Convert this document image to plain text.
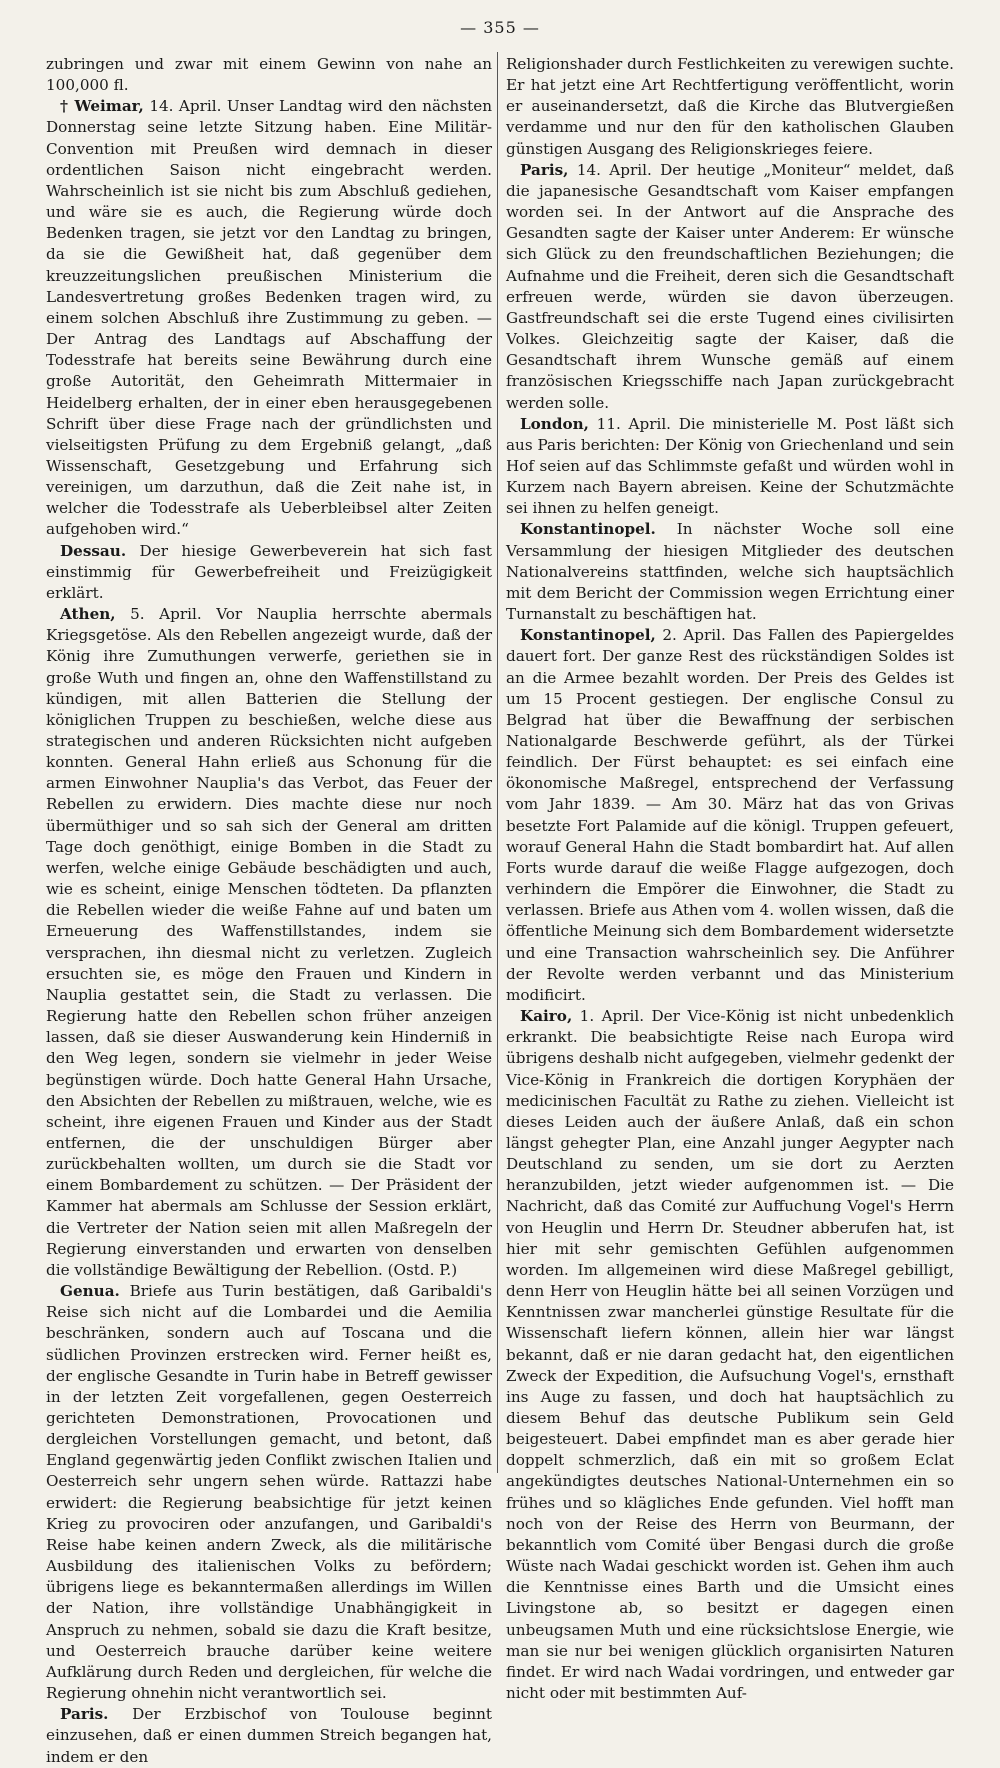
— 355 —

zubringen und zwar mit einem Gewinn von nahe an 100,000 fl.

† Weimar, 14. April. Unser Landtag wird den nächsten Donnerstag seine letzte Sitzung haben. Eine Militär-Convention mit Preußen wird demnach in dieser ordentlichen Saison nicht eingebracht werden. Wahrscheinlich ist sie nicht bis zum Abschluß gediehen, und wäre sie es auch, die Regierung würde doch Bedenken tragen, sie jetzt vor den Landtag zu bringen, da sie die Gewißheit hat, daß gegenüber dem kreuzzeitungslichen preußischen Ministerium die Landesvertretung großes Bedenken tragen wird, zu einem solchen Abschluß ihre Zustimmung zu geben. — Der Antrag des Landtags auf Abschaffung der Todesstrafe hat bereits seine Bewährung durch eine große Autorität, den Geheimrath Mittermaier in Heidelberg erhalten, der in einer eben herausgegebenen Schrift über diese Frage nach der gründlichsten und vielseitigsten Prüfung zu dem Ergebniß gelangt, „daß Wissenschaft, Gesetzgebung und Erfahrung sich vereinigen, um darzuthun, daß die Zeit nahe ist, in welcher die Todesstrafe als Ueberbleibsel alter Zeiten aufgehoben wird.“

Dessau. Der hiesige Gewerbeverein hat sich fast einstimmig für Gewerbefreiheit und Freizügigkeit erklärt.

Athen, 5. April. Vor Nauplia herrschte abermals Kriegsgetöse. Als den Rebellen angezeigt wurde, daß der König ihre Zumuthungen verwerfe, geriethen sie in große Wuth und fingen an, ohne den Waffenstillstand zu kündigen, mit allen Batterien die Stellung der königlichen Truppen zu beschießen, welche diese aus strategischen und anderen Rücksichten nicht aufgeben konnten. General Hahn erließ aus Schonung für die armen Einwohner Nauplia's das Verbot, das Feuer der Rebellen zu erwidern. Dies machte diese nur noch übermüthiger und so sah sich der General am dritten Tage doch genöthigt, einige Bomben in die Stadt zu werfen, welche einige Gebäude beschädigten und auch, wie es scheint, einige Menschen tödteten. Da pflanzten die Rebellen wieder die weiße Fahne auf und baten um Erneuerung des Waffenstillstandes, indem sie versprachen, ihn diesmal nicht zu verletzen. Zugleich ersuchten sie, es möge den Frauen und Kindern in Nauplia gestattet sein, die Stadt zu verlassen. Die Regierung hatte den Rebellen schon früher anzeigen lassen, daß sie dieser Auswanderung kein Hinderniß in den Weg legen, sondern sie vielmehr in jeder Weise begünstigen würde. Doch hatte General Hahn Ursache, den Absichten der Rebellen zu mißtrauen, welche, wie es scheint, ihre eigenen Frauen und Kinder aus der Stadt entfernen, die der unschuldigen Bürger aber zurückbehalten wollten, um durch sie die Stadt vor einem Bombardement zu schützen. — Der Präsident der Kammer hat abermals am Schlusse der Session erklärt, die Vertreter der Nation seien mit allen Maßregeln der Regierung einverstanden und erwarten von denselben die vollständige Bewältigung der Rebellion. (Ostd. P.)

Genua. Briefe aus Turin bestätigen, daß Garibaldi's Reise sich nicht auf die Lombardei und die Aemilia beschränken, sondern auch auf Toscana und die südlichen Provinzen erstrecken wird. Ferner heißt es, der englische Gesandte in Turin habe in Betreff gewisser in der letzten Zeit vorgefallenen, gegen Oesterreich gerichteten Demonstrationen, Provocationen und dergleichen Vorstellungen gemacht, und betont, daß England gegenwärtig jeden Conflikt zwischen Italien und Oesterreich sehr ungern sehen würde. Rattazzi habe erwidert: die Regierung beabsichtige für jetzt keinen Krieg zu provociren oder anzufangen, und Garibaldi's Reise habe keinen andern Zweck, als die militärische Ausbildung des italienischen Volks zu befördern; übrigens liege es bekanntermaßen allerdings im Willen der Nation, ihre vollständige Unabhängigkeit in Anspruch zu nehmen, sobald sie dazu die Kraft besitze, und Oesterreich brauche darüber keine weitere Aufklärung durch Reden und dergleichen, für welche die Regierung ohnehin nicht verantwortlich sei.

Paris. Der Erzbischof von Toulouse beginnt einzusehen, daß er einen dummen Streich begangen hat, indem er den

Religionshader durch Festlichkeiten zu verewigen suchte. Er hat jetzt eine Art Rechtfertigung veröffentlicht, worin er auseinandersetzt, daß die Kirche das Blutvergießen verdamme und nur den für den katholischen Glauben günstigen Ausgang des Religionskrieges feiere.

Paris, 14. April. Der heutige „Moniteur“ meldet, daß die japanesische Gesandtschaft vom Kaiser empfangen worden sei. In der Antwort auf die Ansprache des Gesandten sagte der Kaiser unter Anderem: Er wünsche sich Glück zu den freundschaftlichen Beziehungen; die Aufnahme und die Freiheit, deren sich die Gesandtschaft erfreuen werde, würden sie davon überzeugen. Gastfreundschaft sei die erste Tugend eines civilisirten Volkes. Gleichzeitig sagte der Kaiser, daß die Gesandtschaft ihrem Wunsche gemäß auf einem französischen Kriegsschiffe nach Japan zurückgebracht werden solle.

London, 11. April. Die ministerielle M. Post läßt sich aus Paris berichten: Der König von Griechenland und sein Hof seien auf das Schlimmste gefaßt und würden wohl in Kurzem nach Bayern abreisen. Keine der Schutzmächte sei ihnen zu helfen geneigt.

Konstantinopel. In nächster Woche soll eine Versammlung der hiesigen Mitglieder des deutschen Nationalvereins stattfinden, welche sich hauptsächlich mit dem Bericht der Commission wegen Errichtung einer Turnanstalt zu beschäftigen hat.

Konstantinopel, 2. April. Das Fallen des Papiergeldes dauert fort. Der ganze Rest des rückständigen Soldes ist an die Armee bezahlt worden. Der Preis des Geldes ist um 15 Procent gestiegen. Der englische Consul zu Belgrad hat über die Bewaffnung der serbischen Nationalgarde Beschwerde geführt, als der Türkei feindlich. Der Fürst behauptet: es sei einfach eine ökonomische Maßregel, entsprechend der Verfassung vom Jahr 1839. — Am 30. März hat das von Grivas besetzte Fort Palamide auf die königl. Truppen gefeuert, worauf General Hahn die Stadt bombardirt hat. Auf allen Forts wurde darauf die weiße Flagge aufgezogen, doch verhindern die Empörer die Einwohner, die Stadt zu verlassen. Briefe aus Athen vom 4. wollen wissen, daß die öffentliche Meinung sich dem Bombardement widersetzte und eine Transaction wahrscheinlich sey. Die Anführer der Revolte werden verbannt und das Ministerium modificirt.

Kairo, 1. April. Der Vice-König ist nicht unbedenklich erkrankt. Die beabsichtigte Reise nach Europa wird übrigens deshalb nicht aufgegeben, vielmehr gedenkt der Vice-König in Frankreich die dortigen Koryphäen der medicinischen Facultät zu Rathe zu ziehen. Vielleicht ist dieses Leiden auch der äußere Anlaß, daß ein schon längst gehegter Plan, eine Anzahl junger Aegypter nach Deutschland zu senden, um sie dort zu Aerzten heranzubilden, jetzt wieder aufgenommen ist. — Die Nachricht, daß das Comité zur Auffuchung Vogel's Herrn von Heuglin und Herrn Dr. Steudner abberufen hat, ist hier mit sehr gemischten Gefühlen aufgenommen worden. Im allgemeinen wird diese Maßregel gebilligt, denn Herr von Heuglin hätte bei all seinen Vorzügen und Kenntnissen zwar mancherlei günstige Resultate für die Wissenschaft liefern können, allein hier war längst bekannt, daß er nie daran gedacht hat, den eigentlichen Zweck der Expedition, die Aufsuchung Vogel's, ernsthaft ins Auge zu fassen, und doch hat hauptsächlich zu diesem Behuf das deutsche Publikum sein Geld beigesteuert. Dabei empfindet man es aber gerade hier doppelt schmerzlich, daß ein mit so großem Eclat angekündigtes deutsches National-Unternehmen ein so frühes und so klägliches Ende gefunden. Viel hofft man noch von der Reise des Herrn von Beurmann, der bekanntlich vom Comité über Bengasi durch die große Wüste nach Wadai geschickt worden ist. Gehen ihm auch die Kenntnisse eines Barth und die Umsicht eines Livingstone ab, so besitzt er dagegen einen unbeugsamen Muth und eine rücksichtslose Energie, wie man sie nur bei wenigen glücklich organisirten Naturen findet. Er wird nach Wadai vordringen, und entweder gar nicht oder mit bestimmten Auf-
